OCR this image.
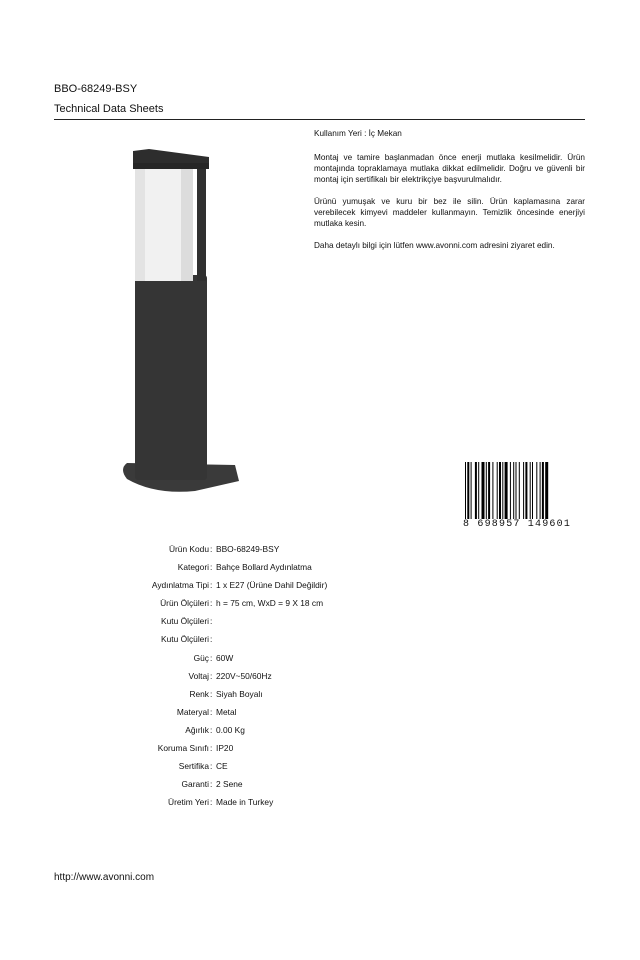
BBO-68249-BSY
Technical Data Sheets

Kullanım Yeri : İç Mekan

Montaj ve tamire başlanmadan önce enerji mutlaka kesilmelidir. Ürün montajında topraklamaya mutlaka dikkat edilmelidir. Doğru ve güvenli bir montaj için sertifikalı bir elektrikçiye başvurulmalıdır.

Ürünü yumuşak ve kuru bir bez ile silin. Ürün kaplamasına zarar verebilecek kimyevi maddeler kullanmayın. Temizlik öncesinde enerjiyi mutlaka kesin.

Daha detaylı bilgi için lütfen www.avonni.com adresini ziyaret edin.

8 698957 149601
Ürün Kodu : BBO-68249-BSY
Kategori : Bahçe Bollard Aydınlatma
Aydınlatma Tipi : 1 x E27 (Ürüne Dahil Değildir)
Ürün Ölçüleri : h = 75 cm, WxD = 9 X 18 cm
Kutu Ölçüleri :
Kutu Ölçüleri :
Güç : 60W
Voltaj : 220V~50/60Hz
Renk : Siyah Boyalı
Materyal : Metal
Ağırlık : 0.00 Kg
Koruma Sınıfı : IP20
Sertifika : CE
Garanti : 2 Sene
Üretim Yeri : Made in Turkey
http://www.avonni.com
